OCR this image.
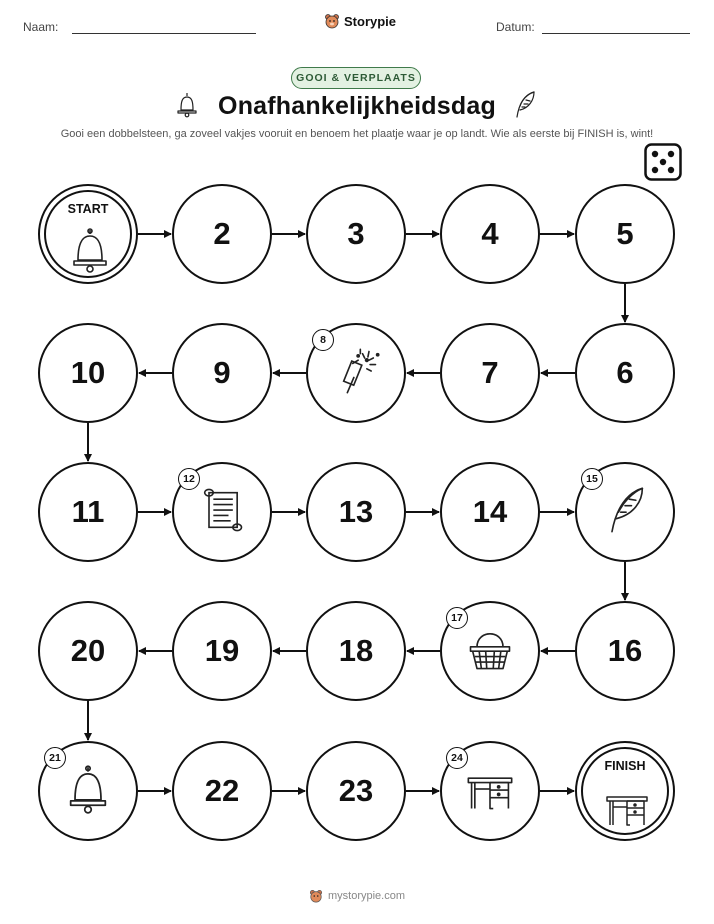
Naam:	Storypie	Datum:
GOOI & VERPLAATS
Onafhankelijkheidsdag
Gooi een dobbelsteen, ga zoveel vakjes vooruit en benoem het plaatje waar je op landt. Wie als eerste bij FINISH is, wint!
START
2	3	4	5
6
7
8
9
10
11
12
13	14
15
16
17
18
19
20
21
22	23
24
FINISH
mystorypie.com
